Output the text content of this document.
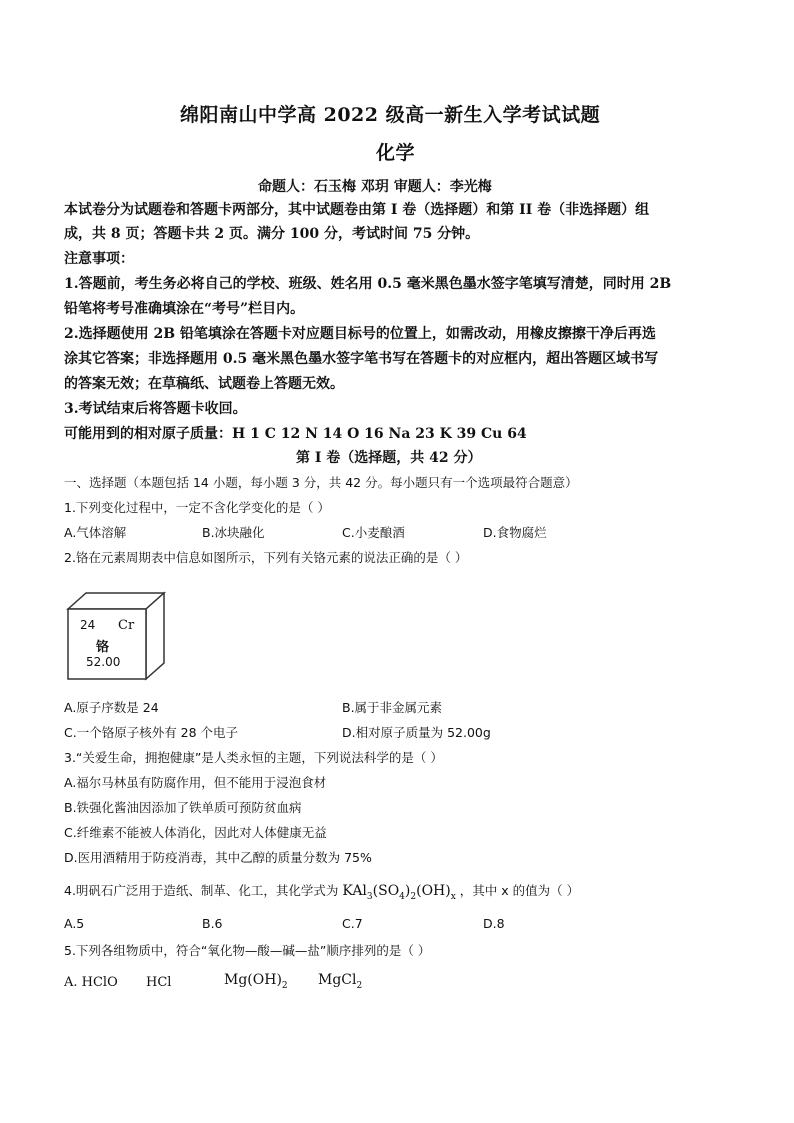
绵阳南山中学高 2022 级高一新生入学考试试题
化学
命题人：石玉梅 邓玥 审题人：李光梅
本试卷分为试题卷和答题卡两部分，其中试题卷由第 I 卷（选择题）和第 II 卷（非选择题）组
成，共 8 页；答题卡共 2 页。满分 100 分，考试时间 75 分钟。
注意事项：
1.答题前，考生务必将自己的学校、班级、姓名用 0.5 毫米黑色墨水签字笔填写清楚，同时用 2B
铅笔将考号准确填涂在“考号”栏目内。
2.选择题使用 2B 铅笔填涂在答题卡对应题目标号的位置上，如需改动，用橡皮擦擦干净后再选
涂其它答案；非选择题用 0.5 毫米黑色墨水签字笔书写在答题卡的对应框内，超出答题区域书写
的答案无效；在草稿纸、试题卷上答题无效。
3.考试结束后将答题卡收回。
可能用到的相对原子质量：H 1 C 12 N 14 O 16 Na 23 K 39 Cu 64
第 I 卷（选择题，共 42 分）
一、选择题（本题包括 14 小题，每小题 3 分，共 42 分。每小题只有一个选项最符合题意）
1.下列变化过程中，一定不含化学变化的是（ ）
A.气体溶解	B.冰块融化	C.小麦酿酒	D.食物腐烂
2.铬在元素周期表中信息如图所示，下列有关铬元素的说法正确的是（ ）
24 Cr
铬
52.00
A.原子序数是 24	B.属于非金属元素
C.一个铬原子核外有 28 个电子	D.相对原子质量为 52.00g
3.“关爱生命，拥抱健康”是人类永恒的主题，下列说法科学的是（ ）
A.福尔马林虽有防腐作用，但不能用于浸泡食材
B.铁强化酱油因添加了铁单质可预防贫血病
C.纤维素不能被人体消化，因此对人体健康无益
D.医用酒精用于防疫消毒，其中乙醇的质量分数为 75%
4.明矾石广泛用于造纸、制革、化工，其化学式为 $KAl_3(SO_4)_2(OH)_x$ ，其中 x 的值为（ ）
A.5	B.6	C.7	D.8
5.下列各组物质中，符合“氧化物—酸—碱—盐”顺序排列的是（ ）
A. HClO HCl	$Mg(OH)_2$ MgCl$_2$
